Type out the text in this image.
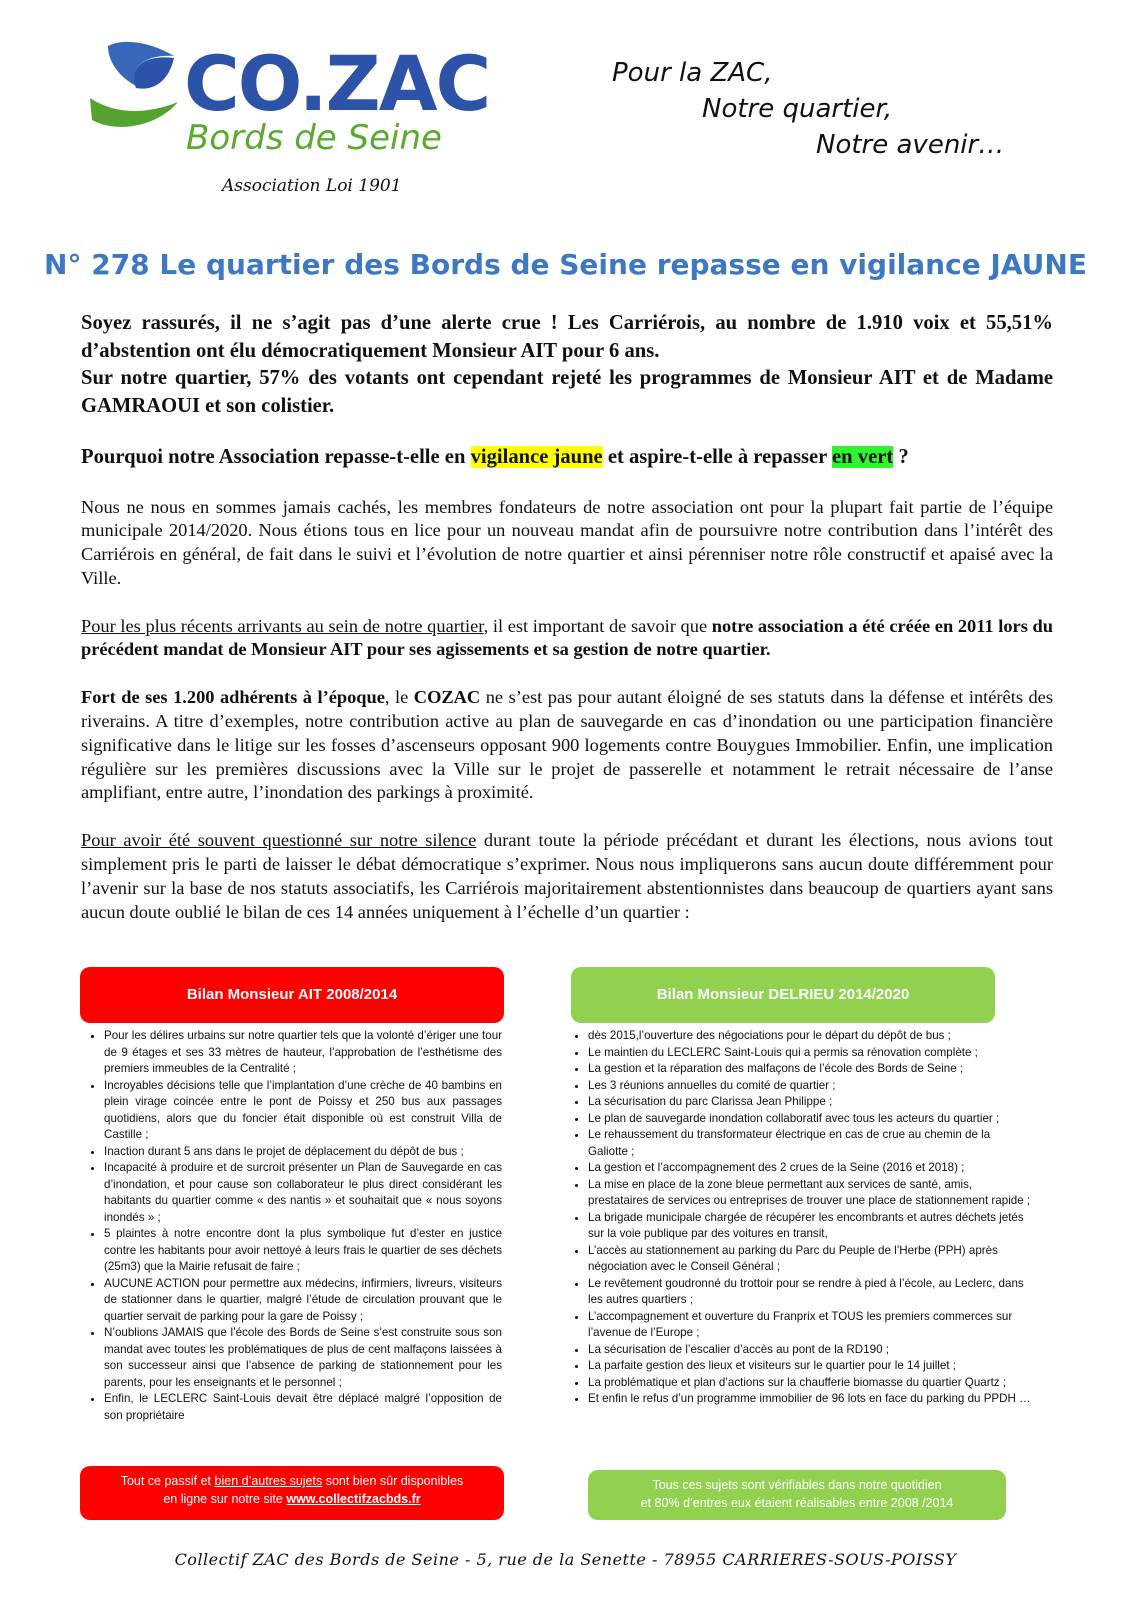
CO.ZAC
Bords de Seine
Association Loi 1901
Pour la ZAC,
Notre quartier,
Notre avenir…
N° 278 Le quartier des Bords de Seine repasse en vigilance JAUNE
Soyez rassurés, il ne s’agit pas d’une alerte crue ! Les Carriérois, au nombre de 1.910 voix et 55,51% d’abstention ont élu démocratiquement Monsieur AIT pour 6 ans.
Sur notre quartier, 57% des votants ont cependant rejeté les programmes de Monsieur AIT et de Madame GAMRAOUI et son colistier.
Pourquoi notre Association repasse-t-elle en vigilance jaune et aspire-t-elle à repasser en vert ?
Nous ne nous en sommes jamais cachés, les membres fondateurs de notre association ont pour la plupart fait partie de l’équipe municipale 2014/2020. Nous étions tous en lice pour un nouveau mandat afin de poursuivre notre contribution dans l’intérêt des Carriérois en général, de fait dans le suivi et l’évolution de notre quartier et ainsi pérenniser notre rôle constructif et apaisé avec la Ville.
Pour les plus récents arrivants au sein de notre quartier, il est important de savoir que notre association a été créée en 2011 lors du précédent mandat de Monsieur AIT pour ses agissements et sa gestion de notre quartier.
Fort de ses 1.200 adhérents à l’époque, le COZAC ne s’est pas pour autant éloigné de ses statuts dans la défense et intérêts des riverains. A titre d’exemples, notre contribution active au plan de sauvegarde en cas d’inondation ou une participation financière significative dans le litige sur les fosses d’ascenseurs opposant 900 logements contre Bouygues Immobilier. Enfin, une implication régulière sur les premières discussions avec la Ville sur le projet de passerelle et notamment le retrait nécessaire de l’anse amplifiant, entre autre, l’inondation des parkings à proximité.
Pour avoir été souvent questionné sur notre silence durant toute la période précédant et durant les élections, nous avions tout simplement pris le parti de laisser le débat démocratique s’exprimer. Nous nous impliquerons sans aucun doute différemment pour l’avenir sur la base de nos statuts associatifs, les Carriérois majoritairement abstentionnistes dans beaucoup de quartiers ayant sans aucun doute oublié le bilan de ces 14 années uniquement à l’échelle d’un quartier :
Bilan Monsieur AIT 2008/2014
• Pour les délires urbains sur notre quartier tels que la volonté d’ériger une tour de 9 étages et ses 33 mètres de hauteur, l’approbation de l’esthétisme des premiers immeubles de la Centralité ;
• Incroyables décisions telle que l’implantation d’une crèche de 40 bambins en plein virage coincée entre le pont de Poissy et 250 bus aux passages quotidiens, alors que du foncier était disponible où est construit Villa de Castille ;
• Inaction durant 5 ans dans le projet de déplacement du dépôt de bus ;
• Incapacité à produire et de surcroit présenter un Plan de Sauvegarde en cas d’inondation, et pour cause son collaborateur le plus direct considérant les habitants du quartier comme « des nantis » et souhaitait que « nous soyons inondés » ;
• 5 plaintes à notre encontre dont la plus symbolique fut d’ester en justice contre les habitants pour avoir nettoyé à leurs frais le quartier de ses déchets (25m3) que la Mairie refusait de faire ;
• AUCUNE ACTION pour permettre aux médecins, infirmiers, livreurs, visiteurs de stationner dans le quartier, malgré l’étude de circulation prouvant que le quartier servait de parking pour la gare de Poissy ;
• N’oublions JAMAIS que l’école des Bords de Seine s’est construite sous son mandat avec toutes les problématiques de plus de cent malfaçons laissées à son successeur ainsi que l’absence de parking de stationnement pour les parents, pour les enseignants et le personnel ;
• Enfin, le LECLERC Saint-Louis devait être déplacé malgré l’opposition de son propriétaire
Tout ce passif et bien d’autres sujets sont bien sûr disponibles
en ligne sur notre site www.collectifzacbds.fr
Bilan Monsieur DELRIEU 2014/2020
• dès 2015,l’ouverture des négociations pour le départ du dépôt de bus ;
• Le maintien du LECLERC Saint-Louis qui a permis sa rénovation complète ;
• La gestion et la réparation des malfaçons de l’école des Bords de Seine ;
• Les 3 réunions annuelles du comité de quartier ;
• La sécurisation du parc Clarissa Jean Philippe ;
• Le plan de sauvegarde inondation collaboratif avec tous les acteurs du quartier ;
• Le rehaussement du transformateur électrique en cas de crue au chemin de la Galiotte ;
• La gestion et l’accompagnement des 2 crues de la Seine (2016 et 2018) ;
• La mise en place de la zone bleue permettant aux services de santé, amis, prestataires de services ou entreprises de trouver une place de stationnement rapide ;
• La brigade municipale chargée de récupérer les encombrants et autres déchets jetés sur la voie publique par des voitures en transit,
• L’accès au stationnement au parking du Parc du Peuple de l’Herbe (PPH) après négociation avec le Conseil Général ;
• Le revêtement goudronné du trottoir pour se rendre à pied à l’école, au Leclerc, dans les autres quartiers ;
• L’accompagnement et ouverture du Franprix et TOUS les premiers commerces sur l’avenue de l’Europe ;
• La sécurisation de l’escalier d’accès au pont de la RD190 ;
• La parfaite gestion des lieux et visiteurs sur le quartier pour le 14 juillet ;
• La problématique et plan d’actions sur la chaufferie biomasse du quartier Quartz ;
• Et enfin le refus d’un programme immobilier de 96 lots en face du parking du PPDH …
Tous ces sujets sont vérifiables dans notre quotidien
et 80% d’entres eux étaient réalisables entre 2008 /2014
Collectif ZAC des Bords de Seine - 5, rue de la Senette - 78955 CARRIERES-SOUS-POISSY
